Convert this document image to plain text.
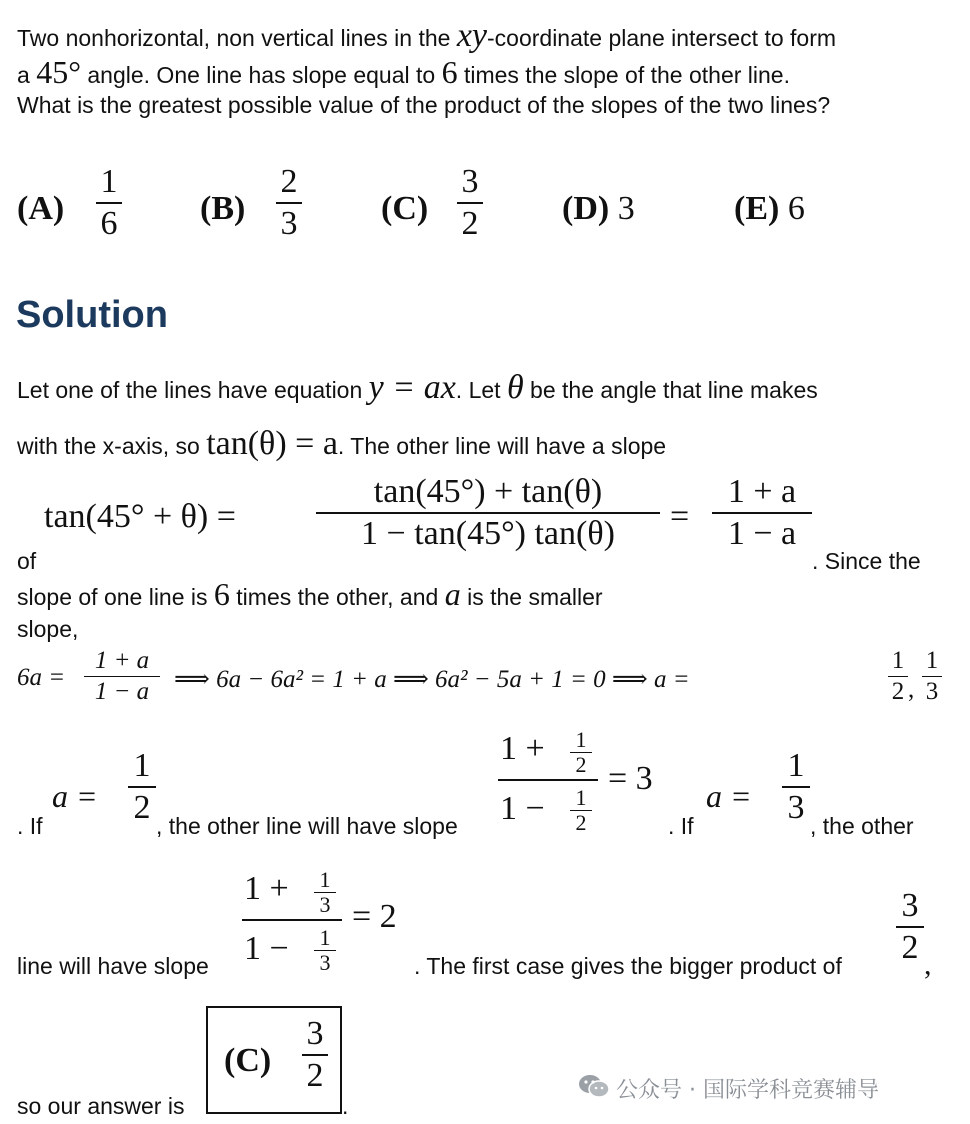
Two nonhorizontal, non vertical lines in the xy-coordinate plane intersect to form
a 45° angle. One line has slope equal to 6 times the slope of the other line.
What is the greatest possible value of the product of the slopes of the two lines?
(A)
1
6 (B)
2
3 (C)
3
2 (D) 3	(E) 6
Solution
Let one of the lines have equation y = ax. Let θ be the angle that line makes
with the x-axis, so tan(θ) = a. The other line will have a slope
of
tan(45° + θ) =
tan(45°) + tan(θ)
1 − tan(45°) tan(θ)	=
1 + a
1 − a
. Since the
slope of one line is 6 times the other, and a is the smaller
slope,
6a =
1 + a
1 − a ⟹ 6a − 6a² = 1 + a ⟹ 6a² − 5a + 1 = 0 ⟹ a =
1
2 ,
1
3
. If
a =
1
2 , the other line will have slope
1 + 1
2
1 − 1
2
= 3
. If
a =
1
3 , the other
line will have slope
1 + 1
3
1 − 1
3
= 2
. The first case gives the bigger product of
3
2 ,
so our answer is
(C)
3
2
.
公众号 · 国际学科竞赛辅导
